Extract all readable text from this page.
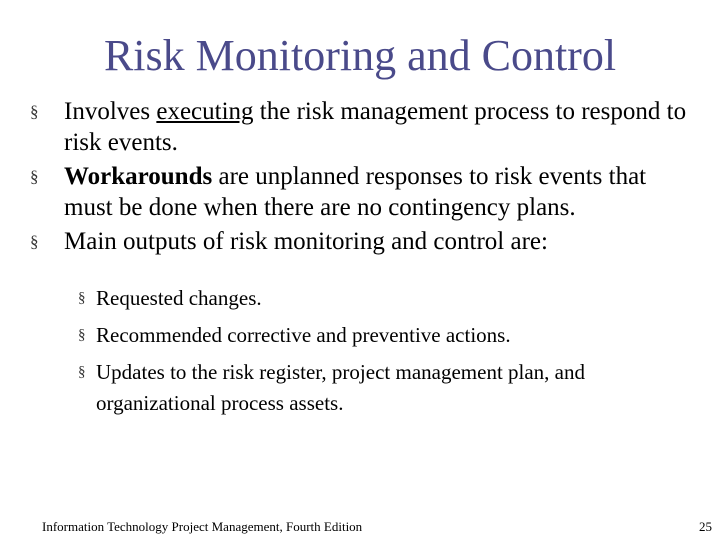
Risk Monitoring and Control
§	Involves executing the risk management process to respond to risk events.
§	Workarounds are unplanned responses to risk events that must be done when there are no contingency plans.
§	Main outputs of risk monitoring and control are:
§ Requested changes.
§ Recommended corrective and preventive actions.
§ Updates to the risk register, project management plan, and organizational process assets.
Information Technology Project Management, Fourth Edition	25
